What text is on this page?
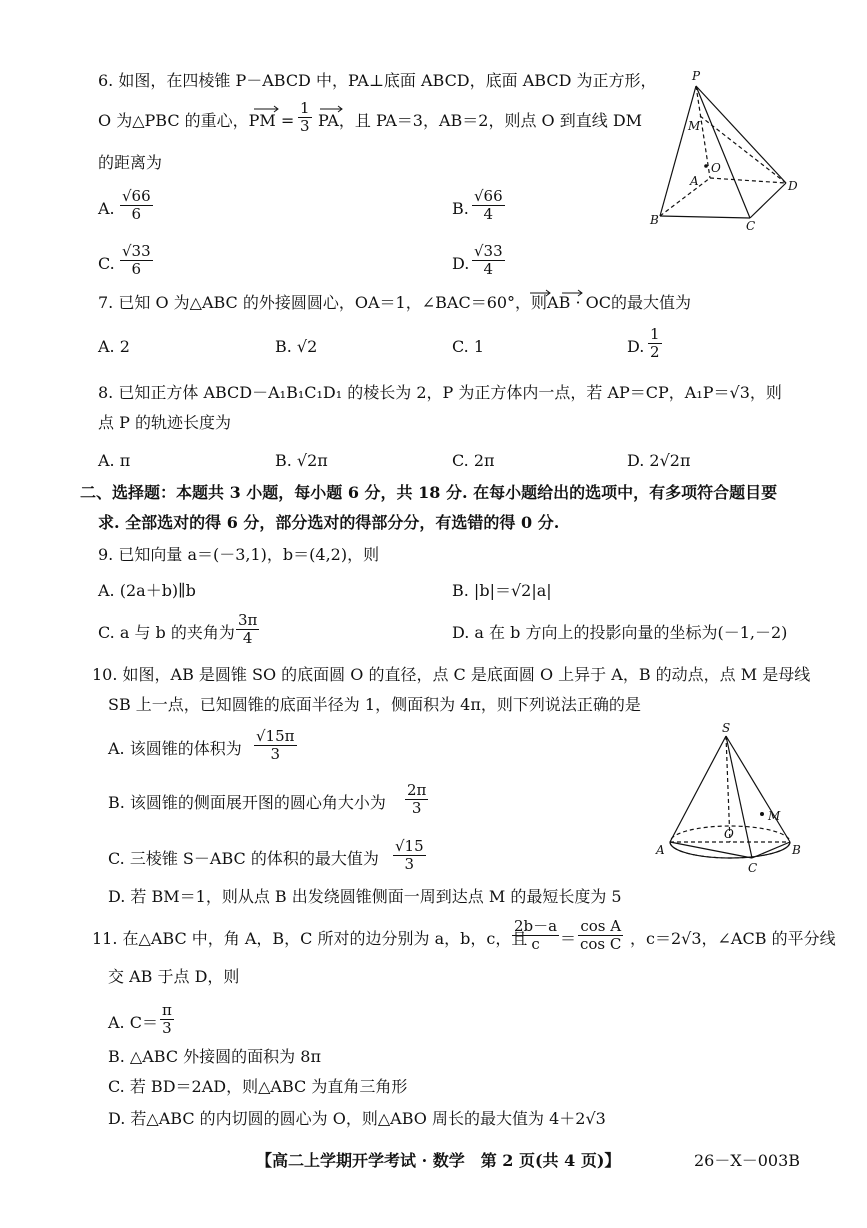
6. 如图，在四棱锥 P－ABCD 中，PA⊥底面 ABCD，底面 ABCD 为正方形，
O 为△PBC 的重心，PM = $\frac{1}{3}$ PA，且 PA＝3，AB＝2，则点 O 到直线 DM
的距离为
A. $\frac{√66}{6}$	B. $\frac{√66}{4}$
C. $\frac{√33}{6}$	D. $\frac{√33}{4}$
P
M
O
A
B	C
D
7. 已知 O 为△ABC 的外接圆圆心，OA＝1，∠BAC＝60°，则AB · OC的最大值为
A. 2	B. √2	C. 1	D. $\frac{1}{2}$
8. 已知正方体 ABCD－A₁B₁C₁D₁ 的棱长为 2，P 为正方体内一点，若 AP＝CP，A₁P＝√3，则
点 P 的轨迹长度为
A. π	B. √2π	C. 2π	D. 2√2π
二、选择题：本题共 3 小题，每小题 6 分，共 18 分. 在每小题给出的选项中，有多项符合题目要
求. 全部选对的得 6 分，部分选对的得部分分，有选错的得 0 分.
9. 已知向量 a＝(－3,1)，b＝(4,2)，则
A. (2a＋b)∥b	B. |b|＝√2|a|
C. a 与 b 的夹角为 $\frac{3\pi}{4}$	D. a 在 b 方向上的投影向量的坐标为(－1,－2)
10. 如图，AB 是圆锥 SO 的底面圆 O 的直径，点 C 是底面圆 O 上异于 A，B 的动点，点 M 是母线
SB 上一点，已知圆锥的底面半径为 1，侧面积为 4π，则下列说法正确的是
A. 该圆锥的体积为 $\frac{√15\pi}{3}$
B. 该圆锥的侧面展开图的圆心角大小为 $\frac{2\pi}{3}$
C. 三棱锥 S－ABC 的体积的最大值为 $\frac{√15}{3}$
D. 若 BM＝1，则从点 B 出发绕圆锥侧面一周到达点 M 的最短长度为 5
S
M
O
A	B
C
11. 在△ABC 中，角 A，B，C 所对的边分别为 a，b，c，且
$\frac{2b-a}{c} = \frac{\text{cos A}}{\text{cos C}}$ ，c＝2√3，∠ACB 的平分线
交 AB 于点 D，则
A. $C= \frac{\pi}{3}$
B. △ABC 外接圆的面积为 8π
C. 若 BD＝2AD，则△ABC 为直角三角形
D. 若△ABC 的内切圆的圆心为 O，则△ABO 周长的最大值为 4＋2√3
【高二上学期开学考试 · 数学　第 2 页(共 4 页)】	26－X－003B
